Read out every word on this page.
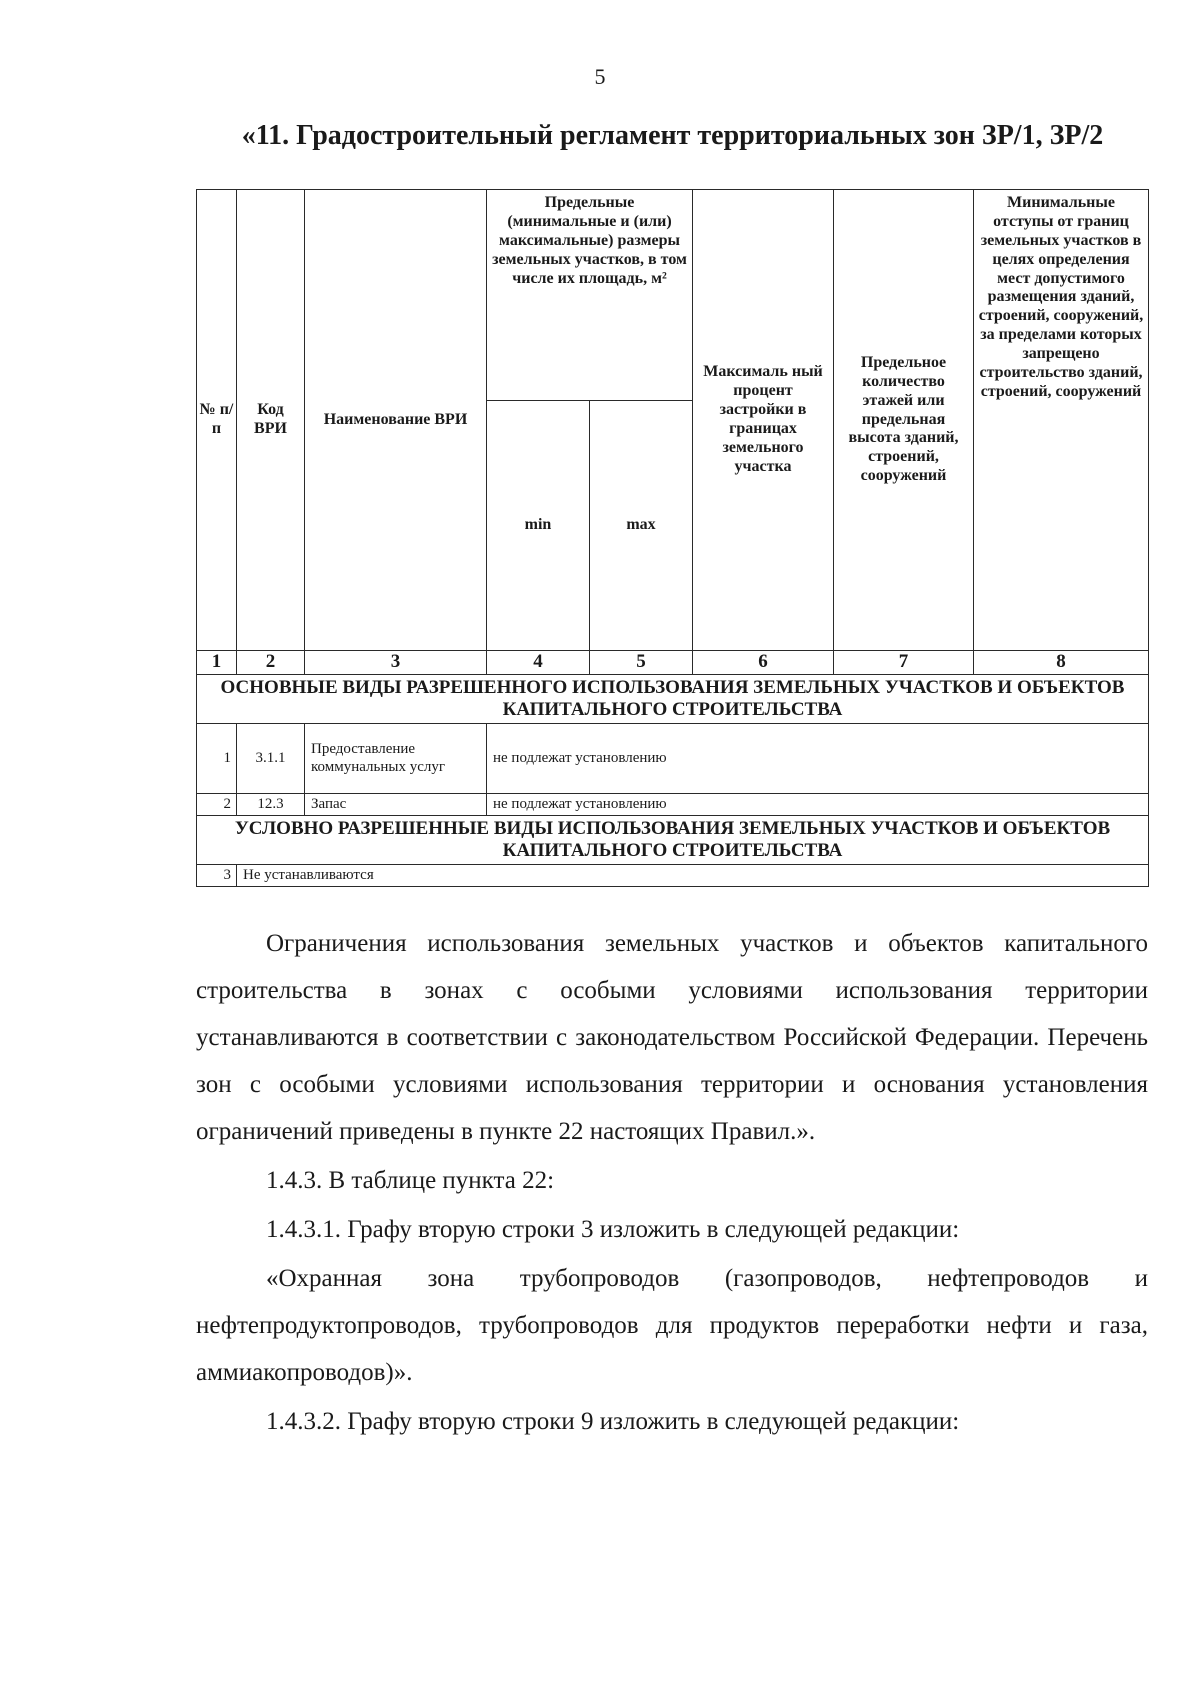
5
«11. Градостроительный регламент территориальных зон ЗР/1, ЗР/2
№ п/п	Код ВРИ	Наименование ВРИ	Предельные (минимальные и (или) максимальные) размеры земельных участков, в том числе их площадь, м²		Максималь ный процент застройки в границах земельного участка	Предельное количество этажей или предельная высота зданий, строений, сооружений	Минимальные отступы от границ земельных участков в целях определения мест допустимого размещения зданий, строений, сооружений, за пределами которых запрещено строительство зданий, строений, сооружений
			min	max			
1	2	3	4	5	6	7	8
ОСНОВНЫЕ ВИДЫ РАЗРЕШЕННОГО ИСПОЛЬЗОВАНИЯ ЗЕМЕЛЬНЫХ УЧАСТКОВ И ОБЪЕКТОВ КАПИТАЛЬНОГО СТРОИТЕЛЬСТВА							
1	3.1.1	Предоставление коммунальных услуг	не подлежат установлению				
2	12.3	Запас	не подлежат установлению				
УСЛОВНО РАЗРЕШЕННЫЕ ВИДЫ ИСПОЛЬЗОВАНИЯ ЗЕМЕЛЬНЫХ УЧАСТКОВ И ОБЪЕКТОВ КАПИТАЛЬНОГО СТРОИТЕЛЬСТВА							
3	Не устанавливаются						

Ограничения использования земельных участков и объектов капитального строительства в зонах с особыми условиями использования территории устанавливаются в соответствии с законодательством Российской Федерации. Перечень зон с особыми условиями использования территории и основания установления ограничений приведены в пункте 22 настоящих Правил.».

1.4.3. В таблице пункта 22:

1.4.3.1. Графу вторую строки 3 изложить в следующей редакции:

«Охранная зона трубопроводов (газопроводов, нефтепроводов и нефтепродуктопроводов, трубопроводов для продуктов переработки нефти и газа, аммиакопроводов)».

1.4.3.2. Графу вторую строки 9 изложить в следующей редакции:
